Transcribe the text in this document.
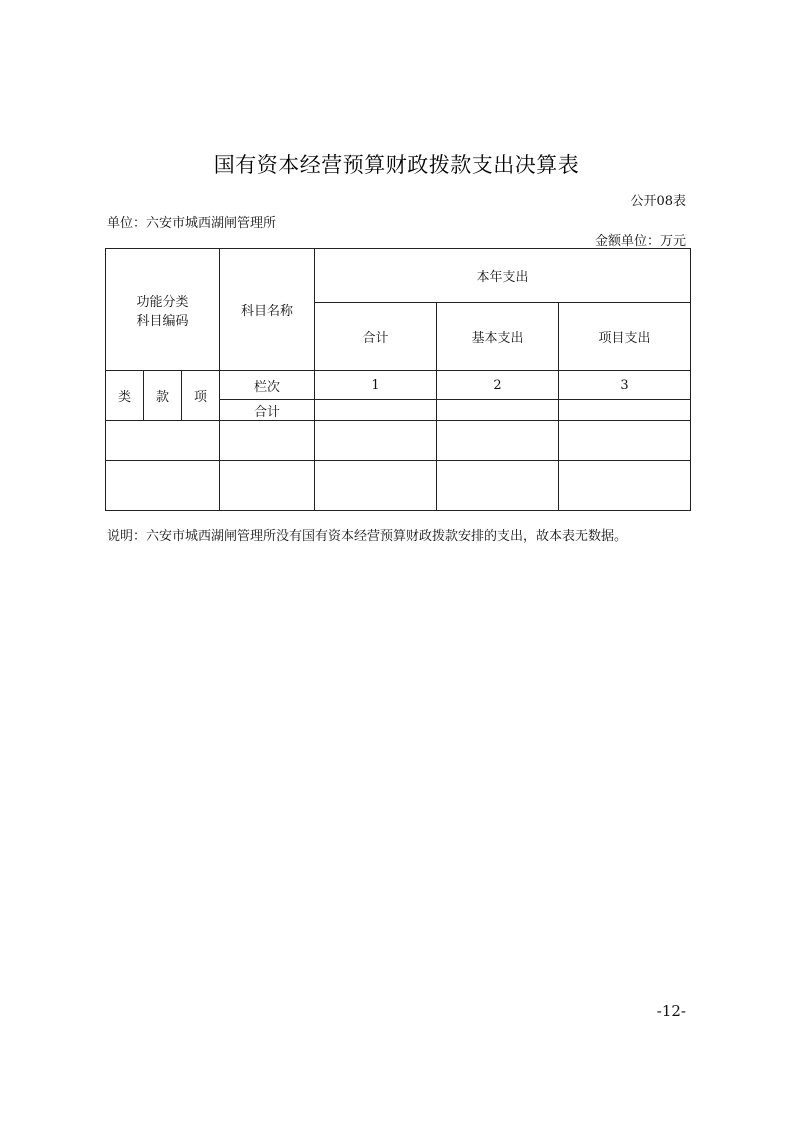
国有资本经营预算财政拨款支出决算表
公开08表
单位：六安市城西湖闸管理所
金额单位：万元
功能分类
科目编码			科目名称	本年支出		
				合计	基本支出	项目支出
类	款	项	栏次	1	2	3
			合计			

说明：六安市城西湖闸管理所没有国有资本经营预算财政拨款安排的支出，故本表无数据。
-12-
